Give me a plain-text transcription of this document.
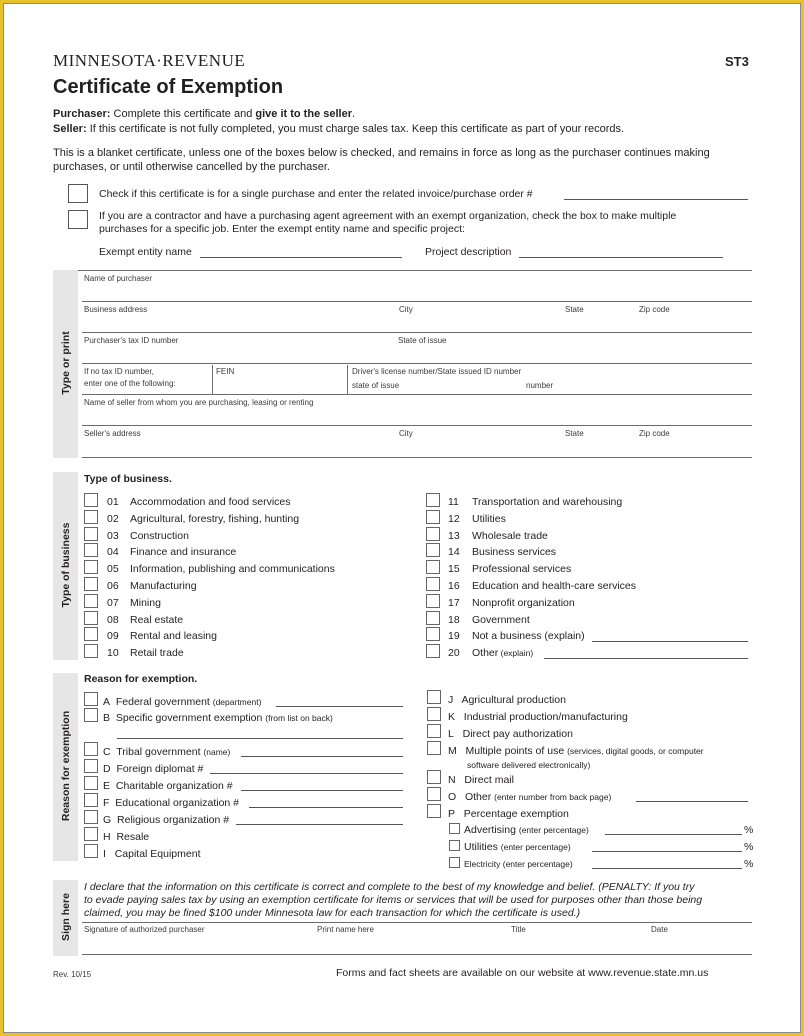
MINNESOTA·REVENUE
Certificate of Exemption
ST3
Purchaser: Complete this certificate and give it to the seller.
Seller: If this certificate is not fully completed, you must charge sales tax. Keep this certificate as part of your records.
This is a blanket certificate, unless one of the boxes below is checked, and remains in force as long as the purchaser continues making
purchases, or until otherwise cancelled by the purchaser.
Check if this certificate is for a single purchase and enter the related invoice/purchase order #
If you are a contractor and have a purchasing agent agreement with an exempt organization, check the box to make multiple
purchases for a specific job. Enter the exempt entity name and specific project:
Exempt entity name	Project description
Type or print
Name of purchaser
Business address	City	State	Zip code
Purchaser's tax ID number	State of issue
If no tax ID number,
enter one of the following:
FEIN	Driver's license number/State issued ID number
state of issue	number
Name of seller from whom you are purchasing, leasing or renting
Seller's address	City	State	Zip code
Type of business
Type of business.
01 Accommodation and food services
02 Agricultural, forestry, fishing, hunting
03 Construction
04 Finance and insurance
05 Information, publishing and communications
06 Manufacturing
07 Mining
08 Real estate
09 Rental and leasing
10 Retail trade
11 Transportation and warehousing
12 Utilities
13 Wholesale trade
14 Business services
15 Professional services
16 Education and health-care services
17 Nonprofit organization
18 Government
19 Not a business (explain)
20 Other (explain)
Reason for exemption
Reason for exemption.
A Federal government (department)
B Specific government exemption (from list on back)
C Tribal government (name)
D Foreign diplomat #
E Charitable organization #
F Educational organization #
G Religious organization #
H Resale
I Capital Equipment
J Agricultural production
K Industrial production/manufacturing
L Direct pay authorization
M Multiple points of use (services, digital goods, or computer
software delivered electronically)
N Direct mail
O Other (enter number from back page)
P Percentage exemption
Advertising (enter percentage)	%
Utilities (enter percentage)	%
Electricity (enter percentage)	%
Sign here
I declare that the information on this certificate is correct and complete to the best of my knowledge and belief. (PENALTY: If you try
to evade paying sales tax by using an exemption certificate for items or services that will be used for purposes other than those being
claimed, you may be fined $100 under Minnesota law for each transaction for which the certificate is used.)
Signature of authorized purchaser	Print name here	Title	Date
Rev. 10/15	Forms and fact sheets are available on our website at www.revenue.state.mn.us
